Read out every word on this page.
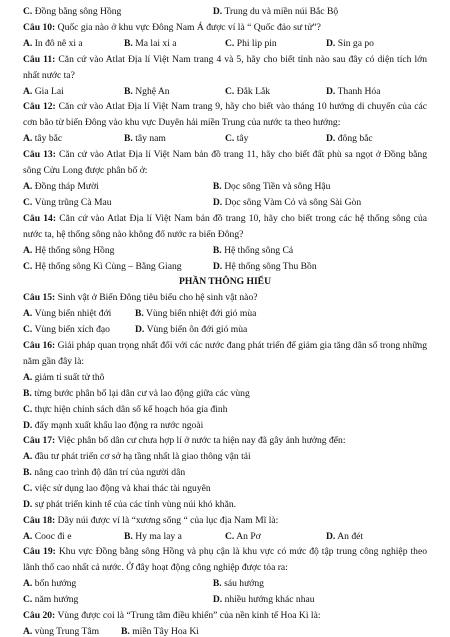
C. Đồng bằng sông Hồng	D. Trung du và miền núi Bắc Bộ
Câu 10: Quốc gia nào ở khu vực Đông Nam Á được ví là “ Quốc đảo sư tử”?
A. In đô nê xi a	B. Ma lai xi a	C. Phi lip pin	D. Sin ga po
Câu 11: Căn cứ vào Atlat Địa lí Việt Nam trang 4 và 5, hãy cho biết tỉnh nào sau đây có diện tích lớn nhất nước ta?
A. Gia Lai	B. Nghệ An	C. Đắk Lắk	D. Thanh Hóa
Câu 12: Căn cứ vào Atlat Địa lí Việt Nam trang 9, hãy cho biết vào tháng 10 hướng di chuyển của các cơn bão từ biển Đông vào khu vực Duyên hải miền Trung của nước ta theo hướng:
A. tây bắc	B. tây nam	C. tây	D. đông bắc
Câu 13: Căn cứ vào Atlat Địa lí Việt Nam bản đồ trang 11, hãy cho biết đất phù sa ngọt ở Đồng bằng sông Cửu Long được phân bố ở:
A. Đồng tháp Mười	B. Dọc sông Tiền và sông Hậu
C. Vùng trũng Cà Mau	D. Dọc sông Vàm Cỏ và sông Sài Gòn
Câu 14: Căn cứ vào Atlat Địa lí Việt Nam bản đồ trang 10, hãy cho biết trong các hệ thống sông của nước ta, hệ thống sông nào không đổ nước ra biển Đông?
A. Hệ thống sông Hồng	B. Hệ thống sông Cả
C. Hệ thống sông Kì Cùng – Bằng Giang	D. Hệ thống sông Thu Bồn
PHẦN THÔNG HIỂU
Câu 15: Sinh vật ở Biển Đông tiêu biểu cho hệ sinh vật nào?
A. Vùng biển nhiệt đới	B. Vùng biển nhiệt đới gió mùa
C. Vùng biển xích đạo	D. Vùng biển ôn đới gió mùa
Câu 16: Giải pháp quan trọng nhất đối với các nước đang phát triển để giảm gia tăng dân số trong những năm gần đây là:
A. giảm tỉ suất tử thô
B. từng bước phân bố lại dân cư và lao động giữa các vùng
C. thực hiện chính sách dân số kế hoạch hóa gia đình
D. đẩy mạnh xuất khẩu lao động ra nước ngoài
Câu 17: Việc phân bố dân cư chưa hợp lí ở nước ta hiện nay đã gây ảnh hưởng đến:
A. đầu tư phát triển cơ sở hạ tầng nhất là giao thông vận tải
B. nâng cao trình độ dân trí của người dân
C. việc sử dụng lao động và khai thác tài nguyên
D. sự phát triển kinh tế của các tỉnh vùng núi khó khăn.
Câu 18: Dãy núi được ví là “xương sống “ của lục địa Nam Mĩ là:
A. Cooc đi e	B. Hy ma lay a	C. An Pơ	D. An đét
Câu 19: Khu vực Đồng bằng sông Hồng và phụ cận là khu vực có mức độ tập trung công nghiệp theo lãnh thổ cao nhất cả nước. Ở đây hoạt động công nghiệp được tỏa ra:
A. bốn hướng	B. sáu hướng
C. năm hướng	D. nhiều hướng khác nhau
Câu 20: Vùng được coi là “Trung tâm điều khiển” của nền kinh tế Hoa Kì là:
A. vùng Trung Tâm	B. miền Tây Hoa Kì
